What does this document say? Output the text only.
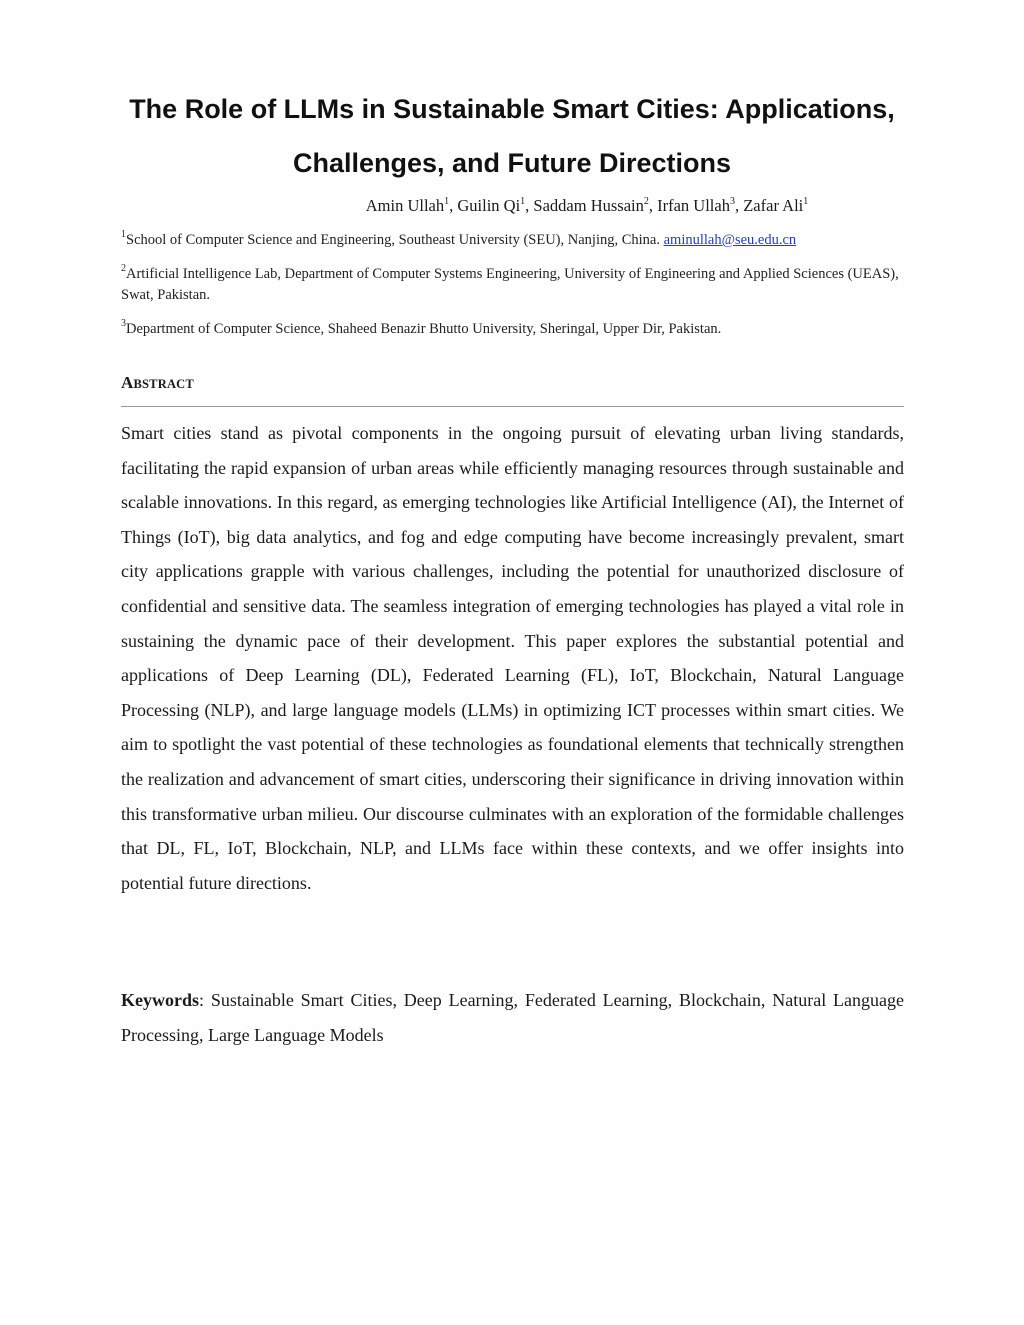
The Role of LLMs in Sustainable Smart Cities: Applications,
Challenges, and Future Directions
Amin Ullah$^1$, Guilin Qi$^1$, Saddam Hussain$^2$, Irfan Ullah$^3$, Zafar Ali$^1$
$^1$School of Computer Science and Engineering, Southeast University (SEU), Nanjing, China. aminullah@seu.edu.cn
$^2$Artificial Intelligence Lab, Department of Computer Systems Engineering, University of Engineering and Applied Sciences (UEAS), Swat, Pakistan.
$^3$Department of Computer Science, Shaheed Benazir Bhutto University, Sheringal, Upper Dir, Pakistan.
ABSTRACT

Smart cities stand as pivotal components in the ongoing pursuit of elevating urban living standards, facilitating the rapid expansion of urban areas while efficiently managing resources through sustainable and scalable innovations. In this regard, as emerging technologies like Artificial Intelligence (AI), the Internet of Things (IoT), big data analytics, and fog and edge computing have become increasingly prevalent, smart city applications grapple with various challenges, including the potential for unauthorized disclosure of confidential and sensitive data. The seamless integration of emerging technologies has played a vital role in sustaining the dynamic pace of their development. This paper explores the substantial potential and applications of Deep Learning (DL), Federated Learning (FL), IoT, Blockchain, Natural Language Processing (NLP), and large language models (LLMs) in optimizing ICT processes within smart cities. We aim to spotlight the vast potential of these technologies as foundational elements that technically strengthen the realization and advancement of smart cities, underscoring their significance in driving innovation within this transformative urban milieu. Our discourse culminates with an exploration of the formidable challenges that DL, FL, IoT, Blockchain, NLP, and LLMs face within these contexts, and we offer insights into potential future directions.

Keywords: Sustainable Smart Cities, Deep Learning, Federated Learning, Blockchain, Natural Language Processing, Large Language Models
